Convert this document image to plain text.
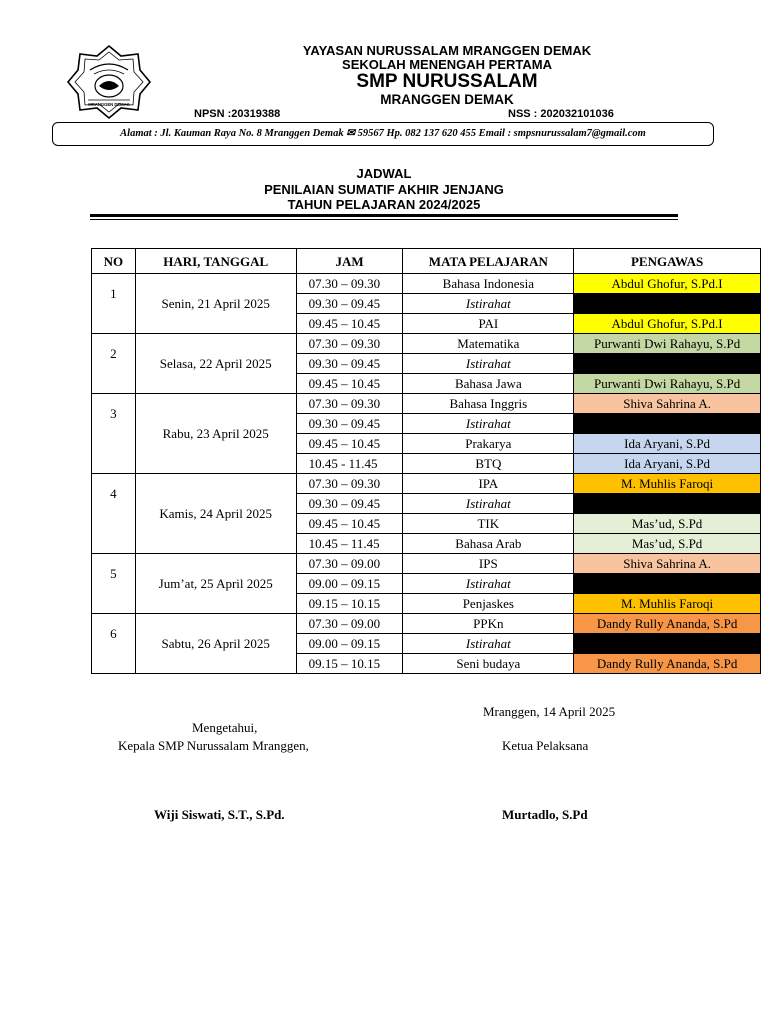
MRANGGEN DEMAK
YAYASAN NURUSSALAM MRANGGEN DEMAK
SEKOLAH MENENGAH PERTAMA
SMP NURUSSALAM
MRANGGEN DEMAK
NPSN :20319388	NSS : 202032101036
Alamat : Jl. Kauman Raya No. 8 Mranggen Demak ✉ 59567 Hp. 082 137 620 455 Email : smpsnurussalam7@gmail.com
JADWAL
PENILAIAN SUMATIF AKHIR JENJANG
TAHUN PELAJARAN 2024/2025
NO	HARI, TANGGAL	JAM	MATA PELAJARAN	PENGAWAS
1	Senin, 21 April 2025	07.30 – 09.30	Bahasa Indonesia	Abdul Ghofur, S.Pd.I
		09.30 – 09.45	Istirahat	
		09.45 – 10.45	PAI	Abdul Ghofur, S.Pd.I
2	Selasa, 22 April 2025	07.30 – 09.30	Matematika	Purwanti Dwi Rahayu, S.Pd
		09.30 – 09.45	Istirahat	
		09.45 – 10.45	Bahasa Jawa	Purwanti Dwi Rahayu, S.Pd
3	Rabu, 23 April 2025	07.30 – 09.30	Bahasa Inggris	Shiva Sahrina A.
		09.30 – 09.45	Istirahat	
		09.45 – 10.45	Prakarya	Ida Aryani, S.Pd
		10.45 - 11.45	BTQ	Ida Aryani, S.Pd
4	Kamis, 24 April 2025	07.30 – 09.30	IPA	M. Muhlis Faroqi
		09.30 – 09.45	Istirahat	
		09.45 – 10.45	TIK	Mas’ud, S.Pd
		10.45 – 11.45	Bahasa Arab	Mas’ud, S.Pd
5	Jum’at, 25 April 2025	07.30 – 09.00	IPS	Shiva Sahrina A.
		09.00 – 09.15	Istirahat	
		09.15 – 10.15	Penjaskes	M. Muhlis Faroqi
6	Sabtu, 26 April 2025	07.30 – 09.00	PPKn	Dandy Rully Ananda, S.Pd
		09.00 – 09.15	Istirahat	
		09.15 – 10.15	Seni budaya	Dandy Rully Ananda, S.Pd
Mranggen, 14 April 2025
Mengetahui,
Kepala SMP Nurussalam Mranggen,	Ketua Pelaksana
Wiji Siswati, S.T., S.Pd.	Murtadlo, S.Pd
